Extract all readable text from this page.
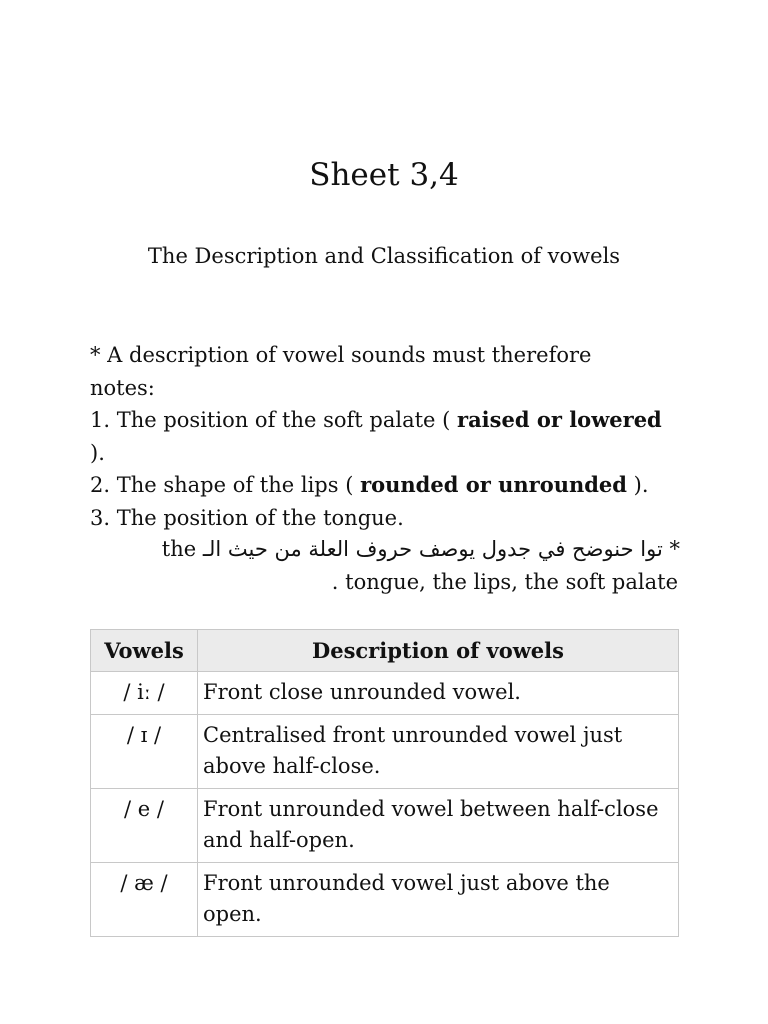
Sheet 3,4

The Description and Classification of vowels

* A description of vowel sounds must therefore
notes:
1. The position of the soft palate ( raised or lowered
).
2. The shape of the lips ( rounded or unrounded ).
3. The position of the tongue.
* توا حنوضح في جدول يوصف حروف العلة من حيث الـ the
. tongue, the lips, the soft palate
Vowels	Description of vowels
/ iː /	Front close unrounded vowel.
/ ɪ /	Centralised front unrounded vowel just above half-close.
/ e /	Front unrounded vowel between half-close and half-open.
/ æ /	Front unrounded vowel just above the open.
